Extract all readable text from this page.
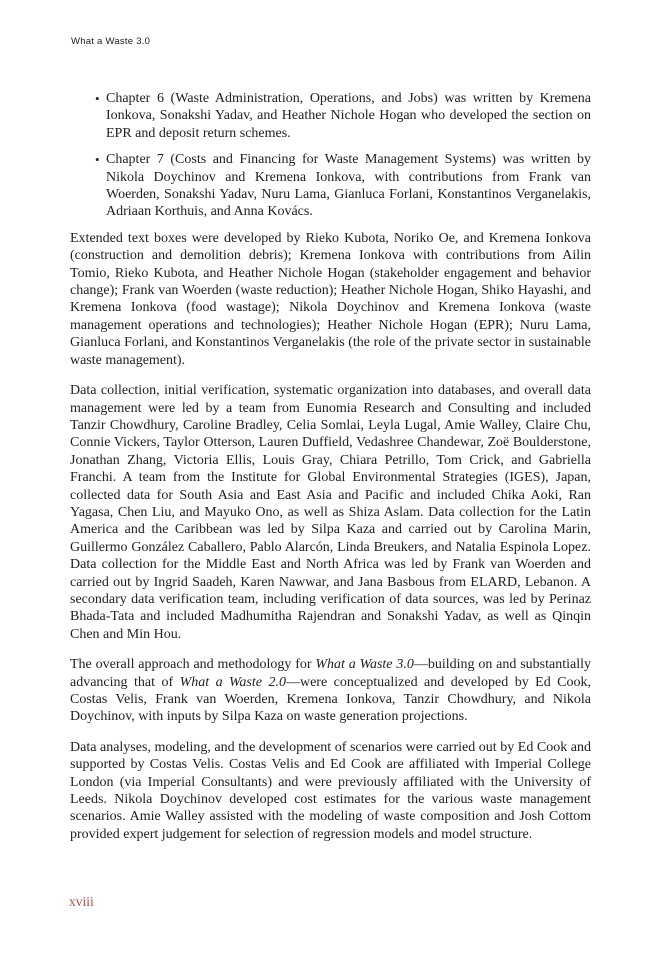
What a Waste 3.0
• Chapter 6 (Waste Administration, Operations, and Jobs) was written by Kremena Ionkova, Sonakshi Yadav, and Heather Nichole Hogan who developed the section on EPR and deposit return schemes.
• Chapter 7 (Costs and Financing for Waste Management Systems) was written by Nikola Doychinov and Kremena Ionkova, with contributions from Frank van Woerden, Sonakshi Yadav, Nuru Lama, Gianluca Forlani, Konstantinos Verganelakis, Adriaan Korthuis, and Anna Kovács.

Extended text boxes were developed by Rieko Kubota, Noriko Oe, and Kremena Ionkova (construction and demolition debris); Kremena Ionkova with contributions from Ailin Tomio, Rieko Kubota, and Heather Nichole Hogan (stakeholder engagement and behavior change); Frank van Woerden (waste reduction); Heather Nichole Hogan, Shiko Hayashi, and Kremena Ionkova (food wastage); Nikola Doychinov and Kremena Ionkova (waste management operations and technologies); Heather Nichole Hogan (EPR); Nuru Lama, Gianluca Forlani, and Konstantinos Verganelakis (the role of the private sector in sustainable waste management).

Data collection, initial verification, systematic organization into databases, and overall data management were led by a team from Eunomia Research and Consulting and included Tanzir Chowdhury, Caroline Bradley, Celia Somlai, Leyla Lugal, Amie Walley, Claire Chu, Connie Vickers, Taylor Otterson, Lauren Duffield, Vedashree Chandewar, Zoë Boulderstone, Jonathan Zhang, Victoria Ellis, Louis Gray, Chiara Petrillo, Tom Crick, and Gabriella Franchi. A team from the Institute for Global Environmental Strategies (IGES), Japan, collected data for South Asia and East Asia and Pacific and included Chika Aoki, Ran Yagasa, Chen Liu, and Mayuko Ono, as well as Shiza Aslam. Data collection for the Latin America and the Caribbean was led by Silpa Kaza and carried out by Carolina Marin, Guillermo González Caballero, Pablo Alarcón, Linda Breukers, and Natalia Espinola Lopez. Data collection for the Middle East and North Africa was led by Frank van Woerden and carried out by Ingrid Saadeh, Karen Nawwar, and Jana Basbous from ELARD, Lebanon. A secondary data verification team, including verification of data sources, was led by Perinaz Bhada-Tata and included Madhumitha Rajendran and Sonakshi Yadav, as well as Qinqin Chen and Min Hou.

The overall approach and methodology for What a Waste 3.0—building on and substantially advancing that of What a Waste 2.0—were conceptualized and developed by Ed Cook, Costas Velis, Frank van Woerden, Kremena Ionkova, Tanzir Chowdhury, and Nikola Doychinov, with inputs by Silpa Kaza on waste generation projections.

Data analyses, modeling, and the development of scenarios were carried out by Ed Cook and supported by Costas Velis. Costas Velis and Ed Cook are affiliated with Imperial College London (via Imperial Consultants) and were previously affiliated with the University of Leeds. Nikola Doychinov developed cost estimates for the various waste management scenarios. Amie Walley assisted with the modeling of waste composition and Josh Cottom provided expert judgement for selection of regression models and model structure.

xviii
